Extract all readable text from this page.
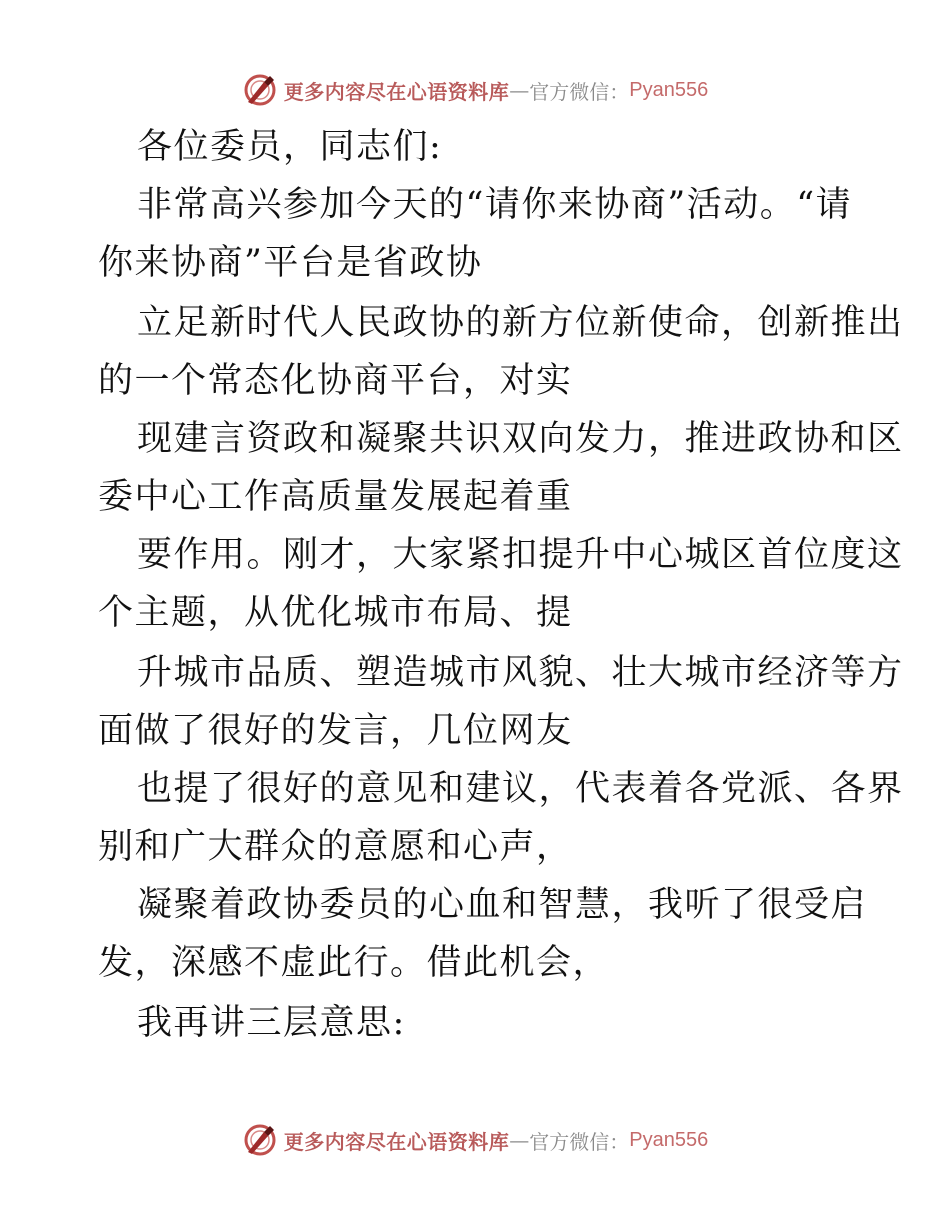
更多内容尽在心语资料库 — 官方微信： Pyan556
各位委员，同志们:
非常高兴参加今天的“请你来协商”活动。“请
你来协商”平台是省政协
立足新时代人民政协的新方位新使命，创新推出
的一个常态化协商平台，对实
现建言资政和凝聚共识双向发力，推进政协和区
委中心工作高质量发展起着重
要作用。刚才，大家紧扣提升中心城区首位度这
个主题，从优化城市布局、提
升城市品质、塑造城市风貌、壮大城市经济等方
面做了很好的发言，几位网友
也提了很好的意见和建议，代表着各党派、各界
别和广大群众的意愿和心声，
凝聚着政协委员的心血和智慧，我听了很受启
发，深感不虚此行。借此机会，
我再讲三层意思:
更多内容尽在心语资料库 — 官方微信： Pyan556
